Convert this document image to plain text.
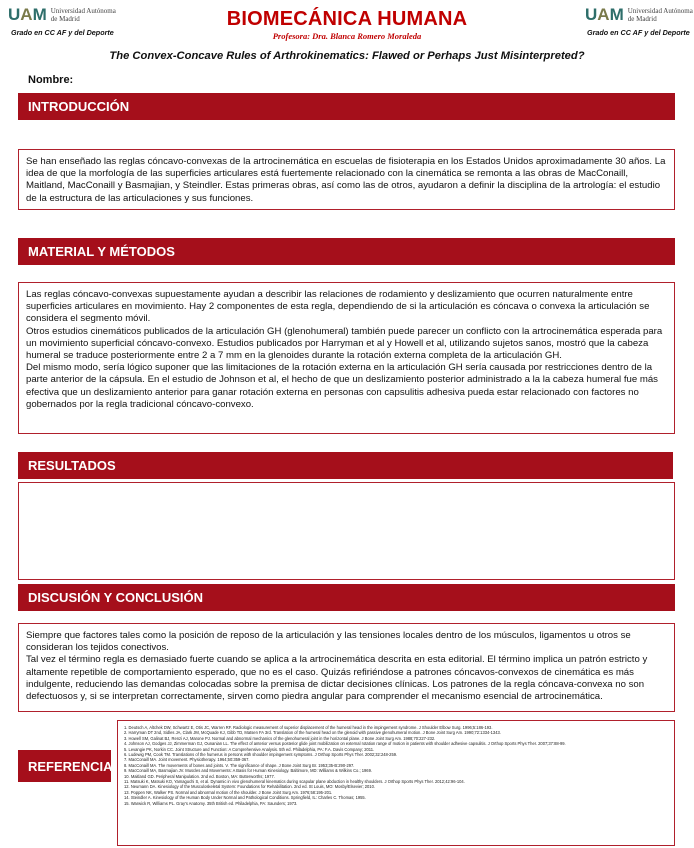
UAM Universidad Autónoma
de Madrid
Grado en CC AF y del Deporte
UAM Universidad Autónoma
de Madrid
Grado en CC AF y del Deporte
BIOMECÁNICA HUMANA
Profesora: Dra. Blanca Romero Moraleda
The Convex-Concave Rules of Arthrokinematics: Flawed or Perhaps Just Misinterpreted?
Nombre:
INTRODUCCIÓN

Se han enseñado las reglas cóncavo-convexas de la artrocinemática en escuelas de fisioterapia en los Estados Unidos aproximadamente 30 años. La idea de que la morfología de las superficies articulares está fuertemente relacionado con la cinemática se remonta a las obras de MacConaill, Maitland, MacConaill y Basmajian, y Steindler. Estas primeras obras, así como las de otros, ayudaron a definir la disciplina de la artrología: el estudio de la estructura de las articulaciones y sus funciones.

MATERIAL Y MÉTODOS

Las reglas cóncavo-convexas supuestamente ayudan a describir las relaciones de rodamiento y deslizamiento que ocurren naturalmente entre superficies articulares en movimiento. Hay 2 componentes de esta regla, dependiendo de si la articulación es cóncava o convexa la articulación se considera el segmento móvil.

Otros estudios cinemáticos publicados de la articulación GH (glenohumeral) también puede parecer un conflicto con la artrocinemática esperada para un movimiento superficial cóncavo-convexo. Estudios publicados por Harryman et al y Howell et al, utilizando sujetos sanos, mostró que la cabeza humeral se traduce posteriormente entre 2 a 7 mm en la glenoides durante la rotación externa completa de la articulación GH.

Del mismo modo, sería lógico suponer que las limitaciones de la rotación externa en la articulación GH sería causada por restricciones dentro de la parte anterior de la cápsula. En el estudio de Johnson et al, el hecho de que un deslizamiento posterior administrado a la la cabeza humeral fue más efectiva que un deslizamiento anterior para ganar rotación externa en personas con capsulitis adhesiva pueda estar relacionado con factores no gobernados por la regla tradicional cóncavo-convexo.

RESULTADOS
DISCUSIÓN Y CONCLUSIÓN

Siempre que factores tales como la posición de reposo de la articulación y las tensiones locales dentro de los músculos, ligamentos u otros se consideran los tejidos conectivos.

Tal vez el término regla es demasiado fuerte cuando se aplica a la artrocinemática descrita en esta editorial. El término implica un patrón estricto y altamente repetible de comportamiento esperado, que no es el caso. Quizás refiriéndose a patrones cóncavos-convexos de cinemática es más indulgente, reduciendo las demandas colocadas sobre la premisa de dictar decisiones clínicas. Los patrones de la regla cóncava-convexa no son defectuosos y, si se interpretan correctamente, sirven como piedra angular para comprender el mecanismo esencial de artrocinemática.

REFERENCIAS
1. Deutsch A, Altchek DW, Schwartz E, Otis JC, Warren RF. Radiologic measurement of superior displacement of the humeral head in the impingement syndrome. J Shoulder Elbow Surg. 1996;5:186-193.
2. Harryman DT 2nd, Sidles JA, Clark JM, McQuade KJ, Gibb TD, Matsen FA 3rd. Translation of the humeral head on the glenoid with passive glenohumeral motion. J Bone Joint Surg Am. 1990;72:1334-1343.
3. Howell SM, Galinat BJ, Renzi AJ, Marone PJ. Normal and abnormal mechanics of the glenohumeral joint in the horizontal plane. J Bone Joint Surg Am. 1988;70:227-232.
4. Johnson AJ, Godges JJ, Zimmerman GJ, Ounanian LL. The effect of anterior versus posterior glide joint mobilization on external rotation range of motion in patients with shoulder adhesive capsulitis. J Orthop Sports Phys Ther. 2007;37:88-99.
5. Levangie PK, Norkin CC. Joint Structure and Function: A Comprehensive Analysis. 5th ed. Philadelphia, PA: F.A. Davis Company; 2011.
6. Ludewig PM, Cook TM. Translations of the humerus in persons with shoulder impingement symptoms. J Orthop Sports Phys Ther. 2002;32:248-259.
7. MacConaill MA. Joint movement. Physiotherapy. 1964;50:359-367.
8. MacConaill MA. The movements of bones and joints. V. The significance of shape. J Bone Joint Surg Br. 1953;35-B:290-297.
9. MacConaill MA, Basmajian JV. Muscles and Movements: A Basis for Human Kinesiology. Baltimore, MD: Williams & Wilkins Co.; 1969.
10. Maitland GD. Peripheral Manipulation. 2nd ed. Boston, MA: Butterworths; 1977.
11. Matsuki K, Matsuki KO, Yamaguchi S, et al. Dynamic in vivo glenohumeral kinematics during scapular plane abduction in healthy shoulders. J Orthop Sports Phys Ther. 2012;42:96-104.
12. Neumann DA. Kinesiology of the Musculoskeletal System: Foundations for Rehabilitation. 2nd ed. St Louis, MO: Mosby/Elsevier; 2010.
13. Poppen NK, Walker PS. Normal and abnormal motion of the shoulder. J Bone Joint Surg Am. 1976;58:195-201.
14. Steindler A. Kinesiology of the Human Body Under Normal and Pathological Conditions. Springfield, IL: Charles C. Thomas; 1955.
15. Warwick R, Williams PL. Gray's Anatomy. 35th British ed. Philadelphia, PA: Saunders; 1973.
